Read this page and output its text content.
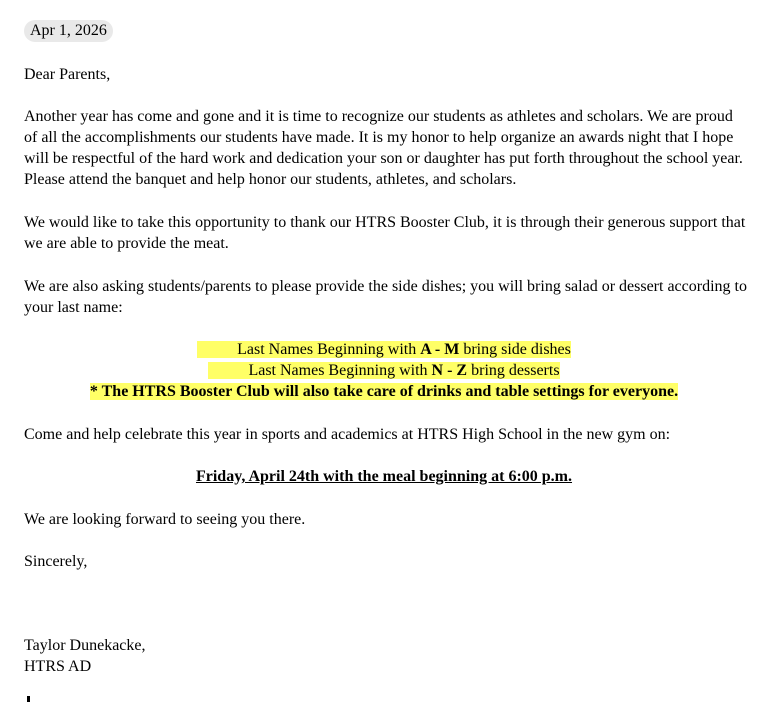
Apr 1, 2026

Dear Parents,

Another year has come and gone and it is time to recognize our students as athletes and scholars. We are proud of all the accomplishments our students have made. It is my honor to help organize an awards night that I hope will be respectful of the hard work and dedication your son or daughter has put forth throughout the school year. Please attend the banquet and help honor our students, athletes, and scholars.

We would like to take this opportunity to thank our HTRS Booster Club, it is through their generous support that we are able to provide the meat.

We are also asking students/parents to please provide the side dishes; you will bring salad or dessert according to your last name:

Last Names Beginning with A - M bring side dishes
Last Names Beginning with N - Z bring desserts
* The HTRS Booster Club will also take care of drinks and table settings for everyone.

Come and help celebrate this year in sports and academics at HTRS High School in the new gym on:

Friday, April 24th with the meal beginning at 6:00 p.m.

We are looking forward to seeing you there.

Sincerely,

Taylor Dunekacke,

HTRS AD
